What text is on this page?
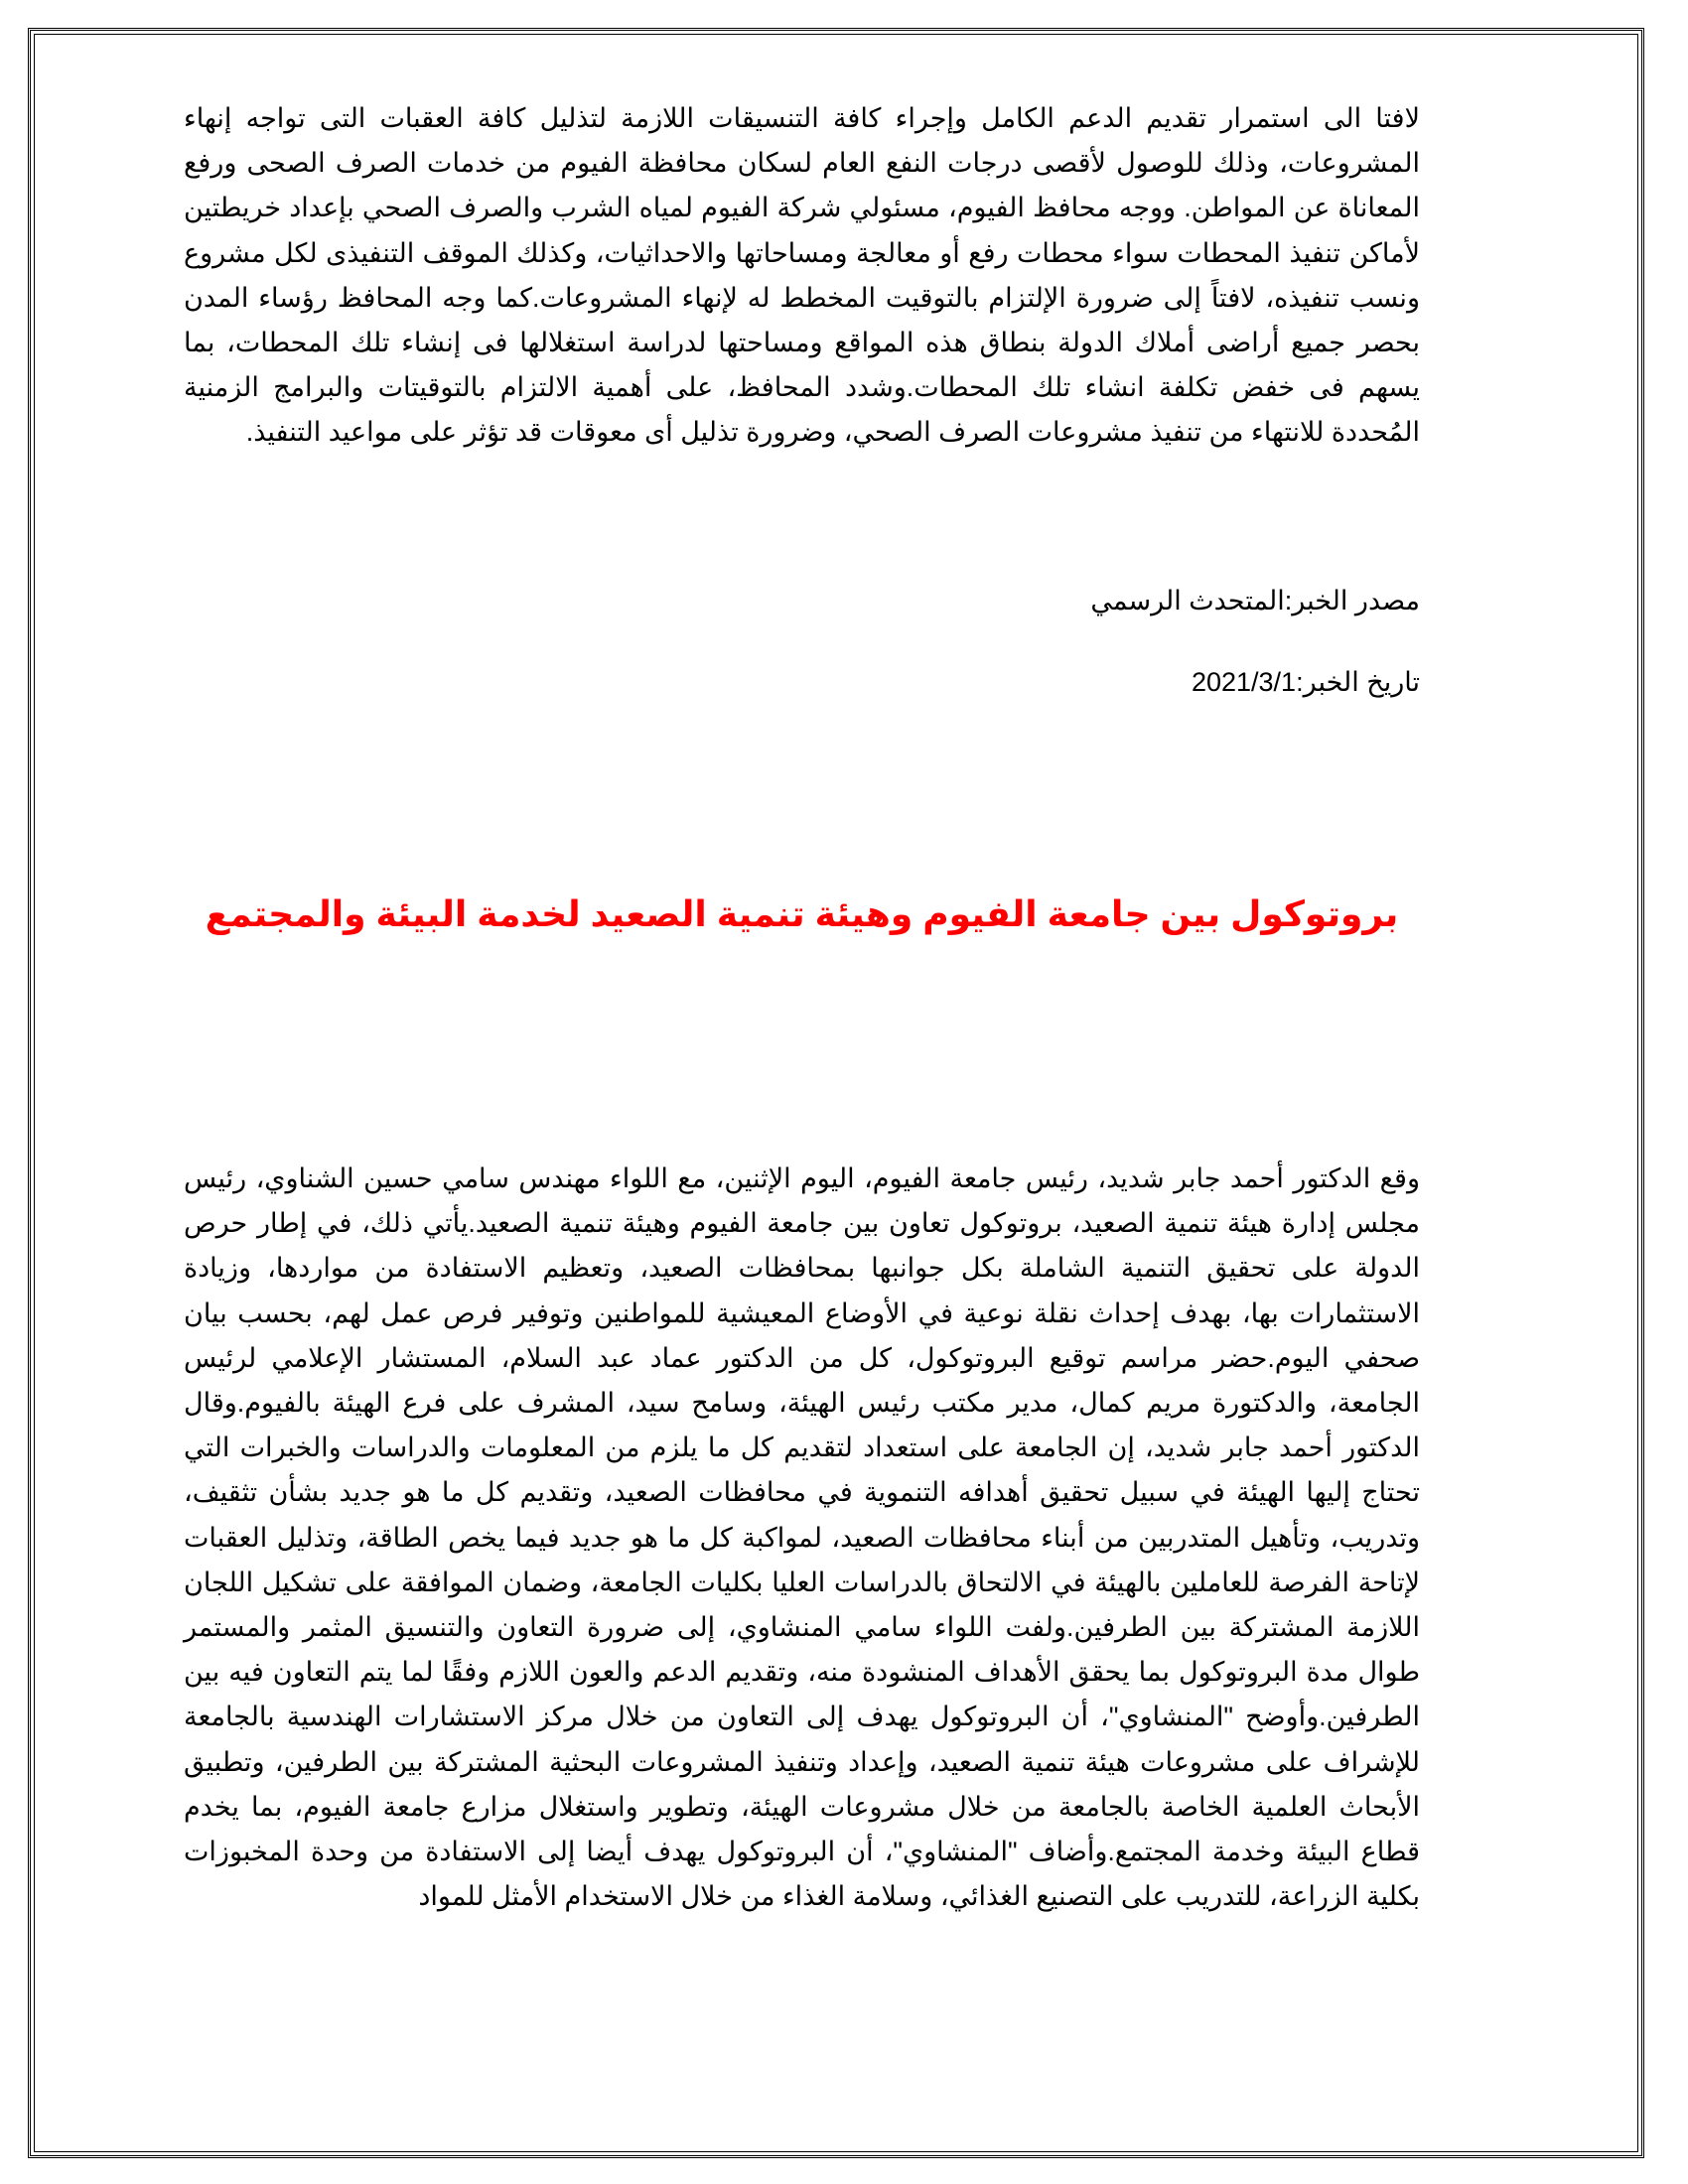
لافتا الى استمرار تقديم الدعم الكامل وإجراء كافة التنسيقات اللازمة لتذليل كافة العقبات التى تواجه إنهاء المشروعات، وذلك للوصول لأقصى درجات النفع العام لسكان محافظة الفيوم من خدمات الصرف الصحى ورفع المعاناة عن المواطن. ووجه محافظ الفيوم، مسئولي شركة الفيوم لمياه الشرب والصرف الصحي بإعداد خريطتين لأماكن تنفيذ المحطات سواء محطات رفع أو معالجة ومساحاتها والاحداثيات، وكذلك الموقف التنفيذى لكل مشروع ونسب تنفيذه، لافتاً إلى ضرورة الإلتزام بالتوقيت المخطط له لإنهاء المشروعات.كما وجه المحافظ رؤساء المدن بحصر جميع أراضى أملاك الدولة بنطاق هذه المواقع ومساحتها لدراسة استغلالها فى إنشاء تلك المحطات، بما يسهم فى خفض تكلفة انشاء تلك المحطات.وشدد المحافظ، على أهمية الالتزام بالتوقيتات والبرامج الزمنية المُحددة للانتهاء من تنفيذ مشروعات الصرف الصحي، وضرورة تذليل أى معوقات قد تؤثر على مواعيد التنفيذ.

مصدر الخبر:المتحدث الرسمي

تاريخ الخبر:2021/3/1

بروتوكول بين جامعة الفيوم وهيئة تنمية الصعيد لخدمة البيئة والمجتمع

وقع الدكتور أحمد جابر شديد، رئيس جامعة الفيوم، اليوم الإثنين، مع اللواء مهندس سامي حسين الشناوي، رئيس مجلس إدارة هيئة تنمية الصعيد، بروتوكول تعاون بين جامعة الفيوم وهيئة تنمية الصعيد.يأتي ذلك، في إطار حرص الدولة على تحقيق التنمية الشاملة بكل جوانبها بمحافظات الصعيد، وتعظيم الاستفادة من مواردها، وزيادة الاستثمارات بها، بهدف إحداث نقلة نوعية في الأوضاع المعيشية للمواطنين وتوفير فرص عمل لهم، بحسب بيان صحفي اليوم.حضر مراسم توقيع البروتوكول، كل من الدكتور عماد عبد السلام، المستشار الإعلامي لرئيس الجامعة، والدكتورة مريم كمال، مدير مكتب رئيس الهيئة، وسامح سيد، المشرف على فرع الهيئة بالفيوم.وقال الدكتور أحمد جابر شديد، إن الجامعة على استعداد لتقديم كل ما يلزم من المعلومات والدراسات والخبرات التي تحتاج إليها الهيئة في سبيل تحقيق أهدافه التنموية في محافظات الصعيد، وتقديم كل ما هو جديد بشأن تثقيف، وتدريب، وتأهيل المتدربين من أبناء محافظات الصعيد، لمواكبة كل ما هو جديد فيما يخص الطاقة، وتذليل العقبات لإتاحة الفرصة للعاملين بالهيئة في الالتحاق بالدراسات العليا بكليات الجامعة، وضمان الموافقة على تشكيل اللجان اللازمة المشتركة بين الطرفين.ولفت اللواء سامي المنشاوي، إلى ضرورة التعاون والتنسيق المثمر والمستمر طوال مدة البروتوكول بما يحقق الأهداف المنشودة منه، وتقديم الدعم والعون اللازم وفقًا لما يتم التعاون فيه بين الطرفين.وأوضح "المنشاوي"، أن البروتوكول يهدف إلى التعاون من خلال مركز الاستشارات الهندسية بالجامعة للإشراف على مشروعات هيئة تنمية الصعيد، وإعداد وتنفيذ المشروعات البحثية المشتركة بين الطرفين، وتطبيق الأبحاث العلمية الخاصة بالجامعة من خلال مشروعات الهيئة، وتطوير واستغلال مزارع جامعة الفيوم، بما يخدم قطاع البيئة وخدمة المجتمع.وأضاف "المنشاوي"، أن البروتوكول يهدف أيضا إلى الاستفادة من وحدة المخبوزات بكلية الزراعة، للتدريب على التصنيع الغذائي، وسلامة الغذاء من خلال الاستخدام الأمثل للمواد
